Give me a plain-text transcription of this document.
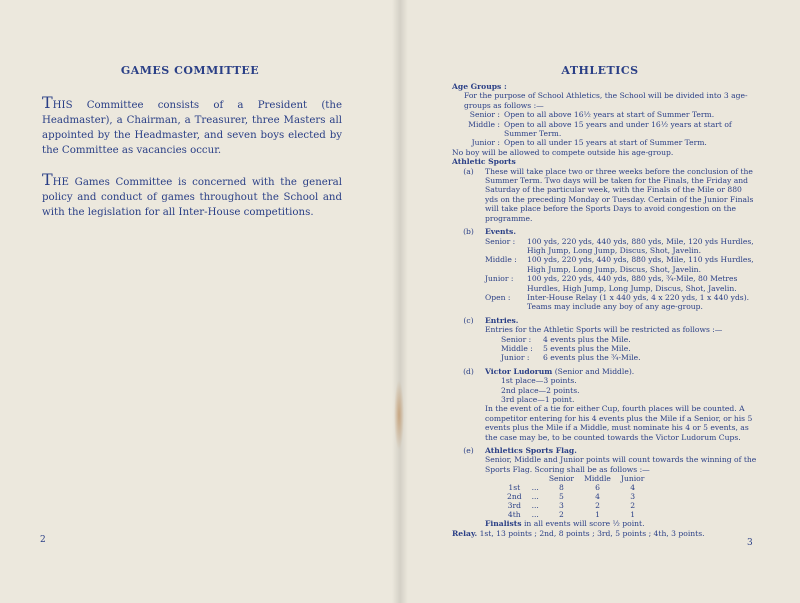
GAMES COMMITTEE
THIS Committee consists of a President (the Headmaster), a Chairman, a Treasurer, three Masters all appointed by the Headmaster, and seven boys elected by the Committee as vacancies occur.
THE Games Committee is concerned with the general policy and conduct of games throughout the School and with the legislation for all Inter-House competitions.
2
ATHLETICS
Age Groups :
For the purpose of School Athletics, the School will be divided into 3 age-groups as follows :—
Senior : Open to all above 16½ years at start of Summer Term.
Middle : Open to all above 15 years and under 16½ years at start of Summer Term.
Junior : Open to all under 15 years at start of Summer Term.
No boy will be allowed to compete outside his age-group.
Athletic Sports
(a)	These will take place two or three weeks before the conclusion of the Summer Term. Two days will be taken for the Finals, the Friday and Saturday of the particular week, with the Finals of the Mile or 880 yds on the preceding Monday or Tuesday. Certain of the Junior Finals will take place before the Sports Days to avoid congestion on the programme.
(b)	Events.
Senior :	100 yds, 220 yds, 440 yds, 880 yds, Mile, 120 yds Hurdles, High Jump, Long Jump, Discus, Shot, Javelin.
Middle :	100 yds, 220 yds, 440 yds, 880 yds, Mile, 110 yds Hurdles, High Jump, Long Jump, Discus, Shot, Javelin.
Junior :	100 yds, 220 yds, 440 yds, 880 yds, ¾-Mile, 80 Metres Hurdles, High Jump, Long Jump, Discus, Shot, Javelin.
Open :	Inter-House Relay (1 x 440 yds, 4 x 220 yds, 1 x 440 yds). Teams may include any boy of any age-group.
(c)	Entries.
Entries for the Athletic Sports will be restricted as follows :—
Senior :	4 events plus the Mile.
Middle :	5 events plus the Mile.
Junior :	6 events plus the ¾-Mile.
(d)	Victor Ludorum (Senior and Middle).
1st place—3 points.
2nd place—2 points.
3rd place—1 point.
In the event of a tie for either Cup, fourth places will be counted. A competitor entering for his 4 events plus the Mile if a Senior, or his 5 events plus the Mile if a Middle, must nominate his 4 or 5 events, as the case may be, to be counted towards the Victor Ludorum Cups.
(e)	Athletics Sports Flag.
Senior, Middle and Junior points will count towards the winning of the Sports Flag. Scoring shall be as follows :—
		Senior	Middle	Junior
1st	...	8	6	4
2nd	...	5	4	3
3rd	...	3	2	2
4th	...	2	1	1
Finalists in all events will score ½ point.
Relay. 1st, 13 points ; 2nd, 8 points ; 3rd, 5 points ; 4th, 3 points.
3
